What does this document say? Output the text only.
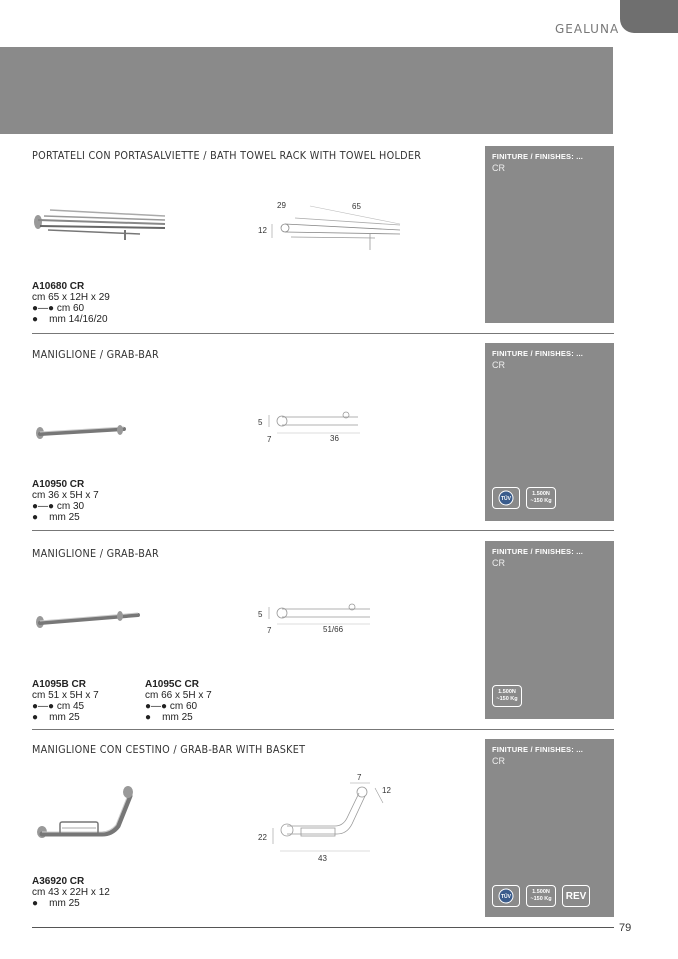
GEALUNA
PORTATELI CON PORTASALVIETTE / BATH TOWEL RACK WITH TOWEL HOLDER	FINITURE / FINISHES: ...
CR
29	65
12
A10680 CR
cm 65 x 12H x 29
●—● cm 60
●    mm 14/16/20
MANIGLIONE / GRAB-BAR	FINITURE / FINISHES: ...
CR
TÜV
1.500N
~150 Kg
5
7	36
A10950 CR
cm 36 x 5H x 7
●—● cm 30
●    mm 25
MANIGLIONE / GRAB-BAR	FINITURE / FINISHES: ...
CR
1.500N
~150 Kg
5
7	51/66
A1095B CR
cm 51 x 5H x 7
●—● cm 45
●    mm 25
A1095C CR
cm 66 x 5H x 7
●—● cm 60
●    mm 25
MANIGLIONE CON CESTINO / GRAB-BAR WITH BASKET	FINITURE / FINISHES: ...
CR
TÜV
1.500N
~150 Kg	REV
7
12
22
43
A36920 CR
cm 43 x 22H x 12
●    mm 25
79
